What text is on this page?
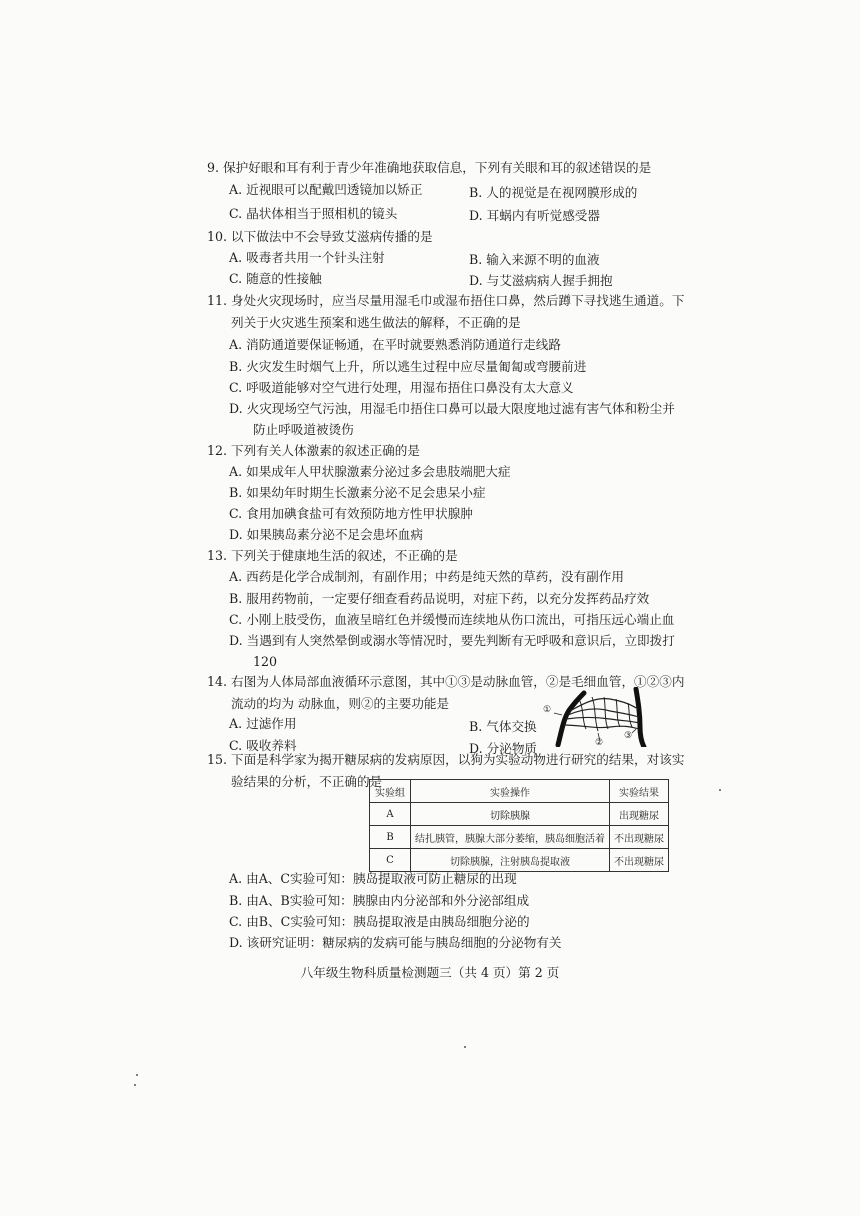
9. 保护好眼和耳有利于青少年准确地获取信息，下列有关眼和耳的叙述错误的是
A. 近视眼可以配戴凹透镜加以矫正	B. 人的视觉是在视网膜形成的
C. 晶状体相当于照相机的镜头	D. 耳蜗内有听觉感受器
10. 以下做法中不会导致艾滋病传播的是
A. 吸毒者共用一个针头注射	B. 输入来源不明的血液
C. 随意的性接触	D. 与艾滋病病人握手拥抱
11. 身处火灾现场时，应当尽量用湿毛巾或湿布捂住口鼻，然后蹲下寻找逃生通道。下
列关于火灾逃生预案和逃生做法的解释，不正确的是
A. 消防通道要保证畅通，在平时就要熟悉消防通道行走线路
B. 火灾发生时烟气上升，所以逃生过程中应尽量匍匐或弯腰前进
C. 呼吸道能够对空气进行处理，用湿布捂住口鼻没有太大意义
D. 火灾现场空气污浊，用湿毛巾捂住口鼻可以最大限度地过滤有害气体和粉尘并
防止呼吸道被烫伤
12. 下列有关人体激素的叙述正确的是
A. 如果成年人甲状腺激素分泌过多会患肢端肥大症
B. 如果幼年时期生长激素分泌不足会患呆小症
C. 食用加碘食盐可有效预防地方性甲状腺肿
D. 如果胰岛素分泌不足会患坏血病
13. 下列关于健康地生活的叙述，不正确的是
A. 西药是化学合成制剂，有副作用；中药是纯天然的草药，没有副作用
B. 服用药物前，一定要仔细查看药品说明，对症下药，以充分发挥药品疗效
C. 小刚上肢受伤，血液呈暗红色并缓慢而连续地从伤口流出，可指压远心端止血
D. 当遇到有人突然晕倒或溺水等情况时，要先判断有无呼吸和意识后，立即拨打
120
14. 右图为人体局部血液循环示意图，其中①③是动脉血管，②是毛细血管，①②③内
流动的均为 动脉血，则②的主要功能是
A. 过滤作用	B. 气体交换
C. 吸收养料	D. 分泌物质
①
②
③
15. 下面是科学家为揭开糖尿病的发病原因，以狗为实验动物进行研究的结果，对该实
验结果的分析，不正确的是
实验组	实验操作	实验结果
A	切除胰腺	出现糖尿
B	结扎胰管，胰腺大部分萎缩，胰岛细胞活着	不出现糖尿
C	切除胰腺，注射胰岛提取液	不出现糖尿
A. 由A、C实验可知：胰岛提取液可防止糖尿的出现
B. 由A、B实验可知：胰腺由内分泌部和外分泌部组成
C. 由B、C实验可知：胰岛提取液是由胰岛细胞分泌的
D. 该研究证明：糖尿病的发病可能与胰岛细胞的分泌物有关
八年级生物科质量检测题三（共 4 页）第 2 页
